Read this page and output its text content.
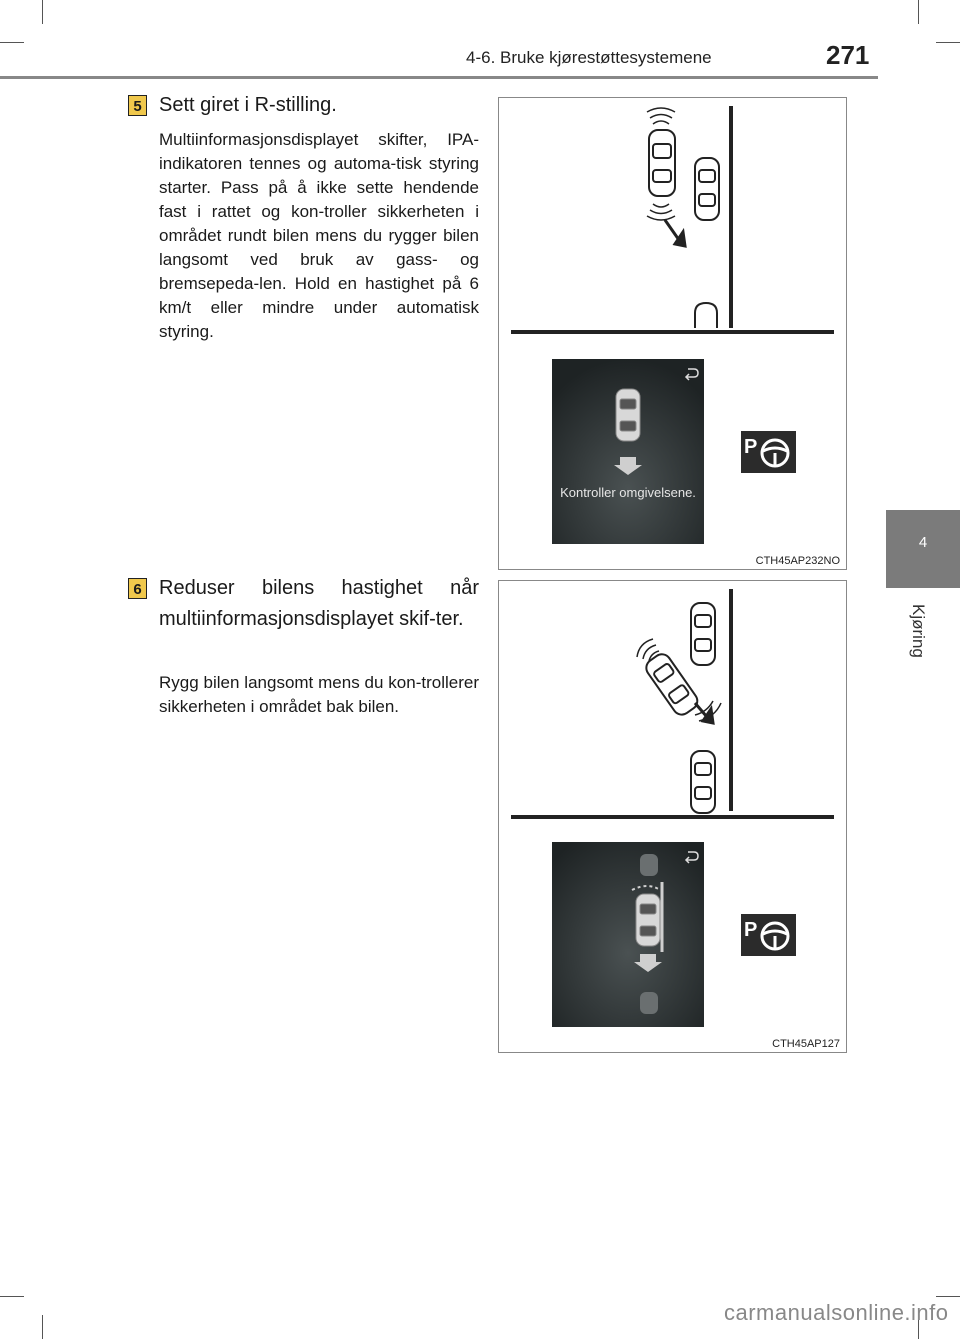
4-6. Bruke kjørestøttesystemene	271
4
Kjøring
5 Sett giret i R-stilling.
Multiinformasjonsdisplayet skifter, IPA-indikatoren tennes og automa-tisk styring starter. Pass på å ikke sette hendende fast i rattet og kon-troller sikkerheten i området rundt bilen mens du rygger bilen langsomt ved bruk av gass- og bremsepeda-len. Hold en hastighet på 6 km/t eller mindre under automatisk styring.
6 Reduser bilens hastighet når multiinformasjonsdisplayet skif-ter.
Rygg bilen langsomt mens du kon-trollerer sikkerheten i området bak bilen.
Kontroller omgivelsene.
P
CTH45AP232NO
P
CTH45AP127
carmanualsonline.info
